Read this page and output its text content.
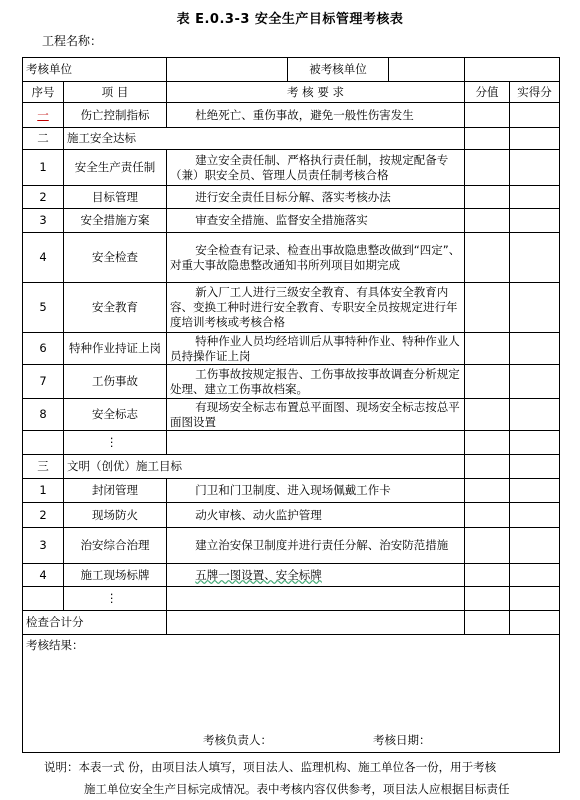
表 E.0.3-3 安全生产目标管理考核表
工程名称：
考核单位		被考核单位		

序号	项 目	考 核 要 求	分值	实得分
一	伤亡控制指标	杜绝死亡、重伤事故，避免一般性伤害发生		
二	施工安全达标			
1	安全生产责任制	建立安全责任制、严格执行责任制，按规定配备专（兼）职安全员、管理人员责任制考核合格		
2	目标管理	进行安全责任目标分解、落实考核办法		
3	安全措施方案	审查安全措施、监督安全措施落实		
4	安全检查	安全检查有记录、检查出事故隐患整改做到“四定”、对重大事故隐患整改通知书所列项目如期完成		
5	安全教育	新入厂工人进行三级安全教育、有具体安全教育内容、变换工种时进行安全教育、专职安全员按规定进行年度培训考核或考核合格		
6	特种作业持证上岗	特种作业人员均经培训后从事特种作业、特种作业人员持操作证上岗		
7	工伤事故	工伤事故按规定报告、工伤事故按事故调查分析规定处理、建立工伤事故档案。		
8	安全标志	有现场安全标志布置总平面图、现场安全标志按总平面图设置		
	⋮			
三	文明（创优）施工目标			
1	封闭管理	门卫和门卫制度、进入现场佩戴工作卡		
2	现场防火	动火审核、动火监护管理		
3	治安综合治理	建立治安保卫制度并进行责任分解、治安防范措施		
4	施工现场标牌	五牌一图设置、安全标牌		
	⋮			
检查合计分				
考核结果：
考核负责人： 考核日期：				
说明：本表一式 份，由项目法人填写，项目法人、监理机构、施工单位各一份，用于考核
施工单位安全生产目标完成情况。表中考核内容仅供参考，项目法人应根据目标责任
